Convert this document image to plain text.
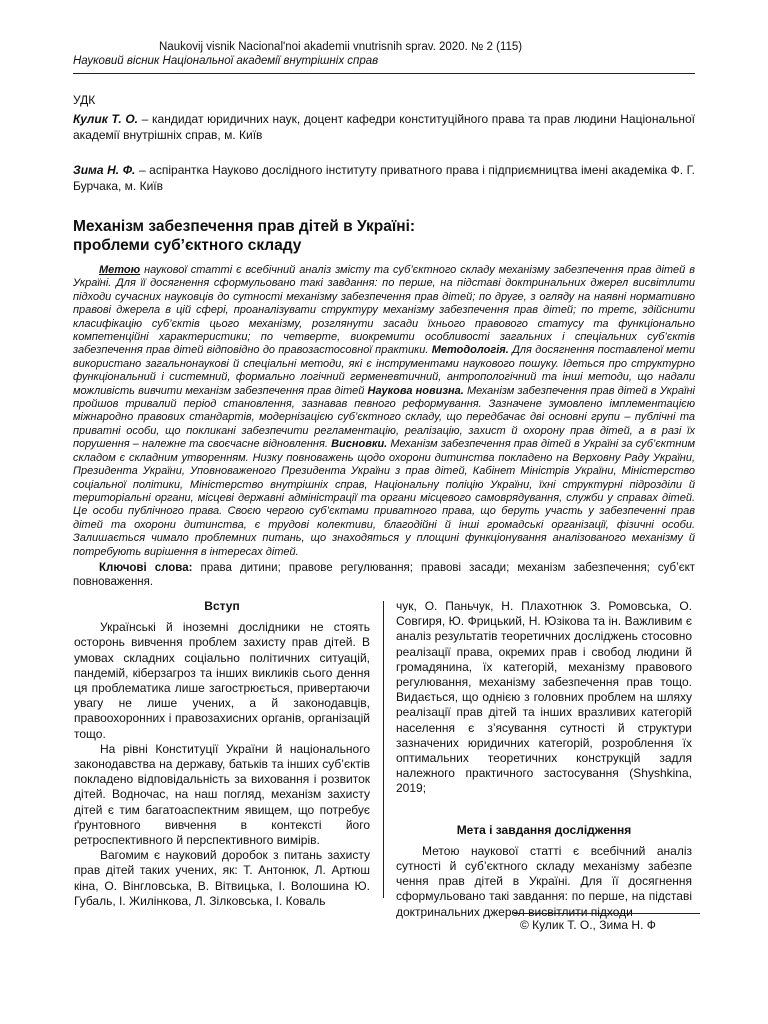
Naukovij visnik Nacional'noi akademii vnutrisnih sprav. 2020. № 2 (115)
Науковий вісник Національної академії внутрішніх справ
УДК
Кулик Т. О. – кандидат юридичних наук, доцент кафедри конституційного права та прав людини Національної академії внутрішніх справ, м. Київ
Зима Н. Ф. – аспірантка Науково дослідного інституту приватного права і підприємництва імені академіка Ф. Г. Бурчака, м. Київ
Механізм забезпечення прав дітей в Україні:
проблеми суб’єктного складу
Метою наукової статті є всебічний аналіз змісту та суб’єктного складу механізму забезпечення прав дітей в Україні. Для її досягнення сформульовано такі завдання: по перше, на підставі доктринальних джерел висвітлити підходи сучасних науковців до сутності механізму забезпечення прав дітей; по друге, з огляду на наявні нормативно правові джерела в цій сфері, проаналізувати структуру механізму забезпечення прав дітей; по третє, здійснити класифікацію суб’єктів цього механізму, розглянути засади їхнього правового статусу та функціонально компетенційні характеристики; по четверте, виокремити особливості загальних і спеціальних суб’єктів забезпечення прав дітей відповідно до правозастосовної практики. Методологія. Для досягнення поставленої мети використано загальнонаукові й спеціальні методи, які є інструментами наукового пошуку. Ідеться про структурно функціональний і системний, формально логічний герменевтичний, антропологічний та інші методи, що надали можливість вивчити механізм забезпечення прав дітей Наукова новизна. Механізм забезпечення прав дітей в Україні пройшов тривалий період становлення, зазнавав певного реформування. Зазначене зумовлено імплементацією міжнародно правових стандартів, модернізацією суб’єктного складу, що передбачає дві основні групи – публічні та приватні особи, що покликані забезпечити регламентацію, реалізацію, захист й охорону прав дітей, а в разі їх порушення – належне та своєчасне відновлення. Висновки. Механізм забезпечення прав дітей в Україні за суб’єктним складом є складним утворенням. Низку повноважень щодо охорони дитинства покладено на Верховну Раду України, Президента України, Уповноваженого Президента України з прав дітей, Кабінет Міністрів України, Міністерство соціальної політики, Міністерство внутрішніх справ, Національну поліцію України, їхні структурні підрозділи й територіальні органи, місцеві державні адміністрації та органи місцевого самоврядування, служби у справах дітей. Це особи публічного права. Своєю чергою суб’єктами приватного права, що беруть участь у забезпеченні прав дітей та охорони дитинства, є трудові колективи, благодійні й інші громадські організації, фізичні особи. Залишається чимало проблемних питань, що знаходяться у площині функціонування аналізованого механізму й потребують вирішення в інтересах дітей.
Ключові слова: права дитини; правове регулювання; правові засади; механізм забезпечення; суб’єкт повноваження.
Вступ

Українські й іноземні дослідники не стоять осторонь вивчення проблем захисту прав дітей. В умовах складних соціально політичних ситуацій, пандемій, кіберзагроз та інших викликів сього дення ця проблематика лише загострюється, привертаючи увагу не лише учених, а й законодавців, правоохоронних і правозахисних органів, організацій тощо.

На рівні Конституції України й національного законодавства на державу, батьків та інших суб’єктів покладено відповідальність за виховання і розвиток дітей. Водночас, на наш погляд, механізм захисту дітей є тим багатоаспектним явищем, що потребує ґрунтовного вивчення в контексті його ретроспективного й перспективного вимірів.

Вагомим є науковий доробок з питань захисту прав дітей таких учених, як: Т. Антонюк, Л. Артюш кіна, О. Вінгловська, В. Вітвицька, І. Волошина Ю. Губаль, І. Жилінкова, Л. Зілковська, І. Коваль

чук, О. Паньчук, Н. Плахотнюк З. Ромовська, О. Совгиря, Ю. Фрицький, Н. Юзікова та ін. Важливим є аналіз результатів теоретичних досліджень стосовно реалізації права, окремих прав і свобод людини й громадянина, їх категорій, механізму правового регулювання, механізму забезпечення прав тощо. Видається, що однією з головних проблем на шляху реалізації прав дітей та інших вразливих категорій населення є з’ясування сутності й структури зазначених юридичних категорій, розроблення їх оптимальних теоретичних конструкцій задля належного практичного застосування (Shyshkina, 2019;

Мета і завдання дослідження

Метою наукової статті є всебічний аналіз сутності й суб’єктного складу механізму забезпе чення прав дітей в Україні. Для її досягнення сформульовано такі завдання: по перше, на підставі доктринальних джерел висвітлити підходи

© Кулик Т. О., Зима Н. Ф
